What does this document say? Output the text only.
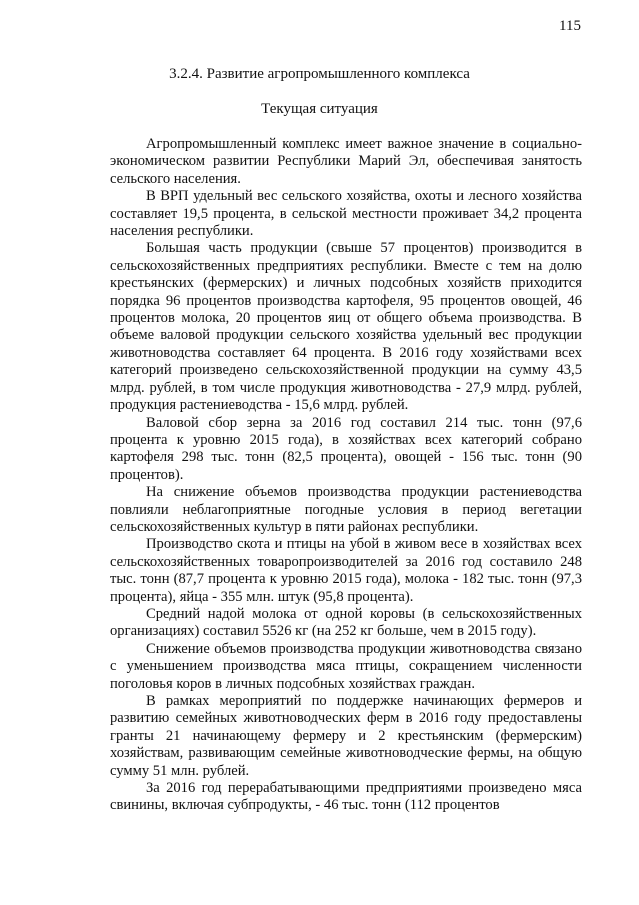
115
3.2.4. Развитие агропромышленного комплекса
Текущая ситуация

Агропромышленный комплекс имеет важное значение в социально-экономическом развитии Республики Марий Эл, обеспечивая занятость сельского населения.

В ВРП удельный вес сельского хозяйства, охоты и лесного хозяйства составляет 19,5 процента, в сельской местности проживает 34,2 процента населения республики.

Большая часть продукции (свыше 57 процентов) производится в сельскохозяйственных предприятиях республики. Вместе с тем на долю крестьянских (фермерских) и личных подсобных хозяйств приходится порядка 96 процентов производства картофеля, 95 процентов овощей, 46 процентов молока, 20 процентов яиц от общего объема производства. В объеме валовой продукции сельского хозяйства удельный вес продукции животноводства составляет 64 процента. В 2016 году хозяйствами всех категорий произведено сельскохозяйственной продукции на сумму 43,5 млрд. рублей, в том числе продукция животноводства - 27,9 млрд. рублей, продукция растениеводства - 15,6 млрд. рублей.

Валовой сбор зерна за 2016 год составил 214 тыс. тонн (97,6 процента к уровню 2015 года), в хозяйствах всех категорий собрано картофеля 298 тыс. тонн (82,5 процента), овощей - 156 тыс. тонн (90 процентов).

На снижение объемов производства продукции растениеводства повлияли неблагоприятные погодные условия в период вегетации сельскохозяйственных культур в пяти районах республики.

Производство скота и птицы на убой в живом весе в хозяйствах всех сельскохозяйственных товаропроизводителей за 2016 год составило 248 тыс. тонн (87,7 процента к уровню 2015 года), молока - 182 тыс. тонн (97,3 процента), яйца - 355 млн. штук (95,8 процента).

Средний надой молока от одной коровы (в сельскохозяйственных организациях) составил 5526 кг (на 252 кг больше, чем в 2015 году).

Снижение объемов производства продукции животноводства связано с уменьшением производства мяса птицы, сокращением численности поголовья коров в личных подсобных хозяйствах граждан.

В рамках мероприятий по поддержке начинающих фермеров и развитию семейных животноводческих ферм в 2016 году предоставлены гранты 21 начинающему фермеру и 2 крестьянским (фермерским) хозяйствам, развивающим семейные животноводческие фермы, на общую сумму 51 млн. рублей.

За 2016 год перерабатывающими предприятиями произведено мяса свинины, включая субпродукты, - 46 тыс. тонн (112 процентов
